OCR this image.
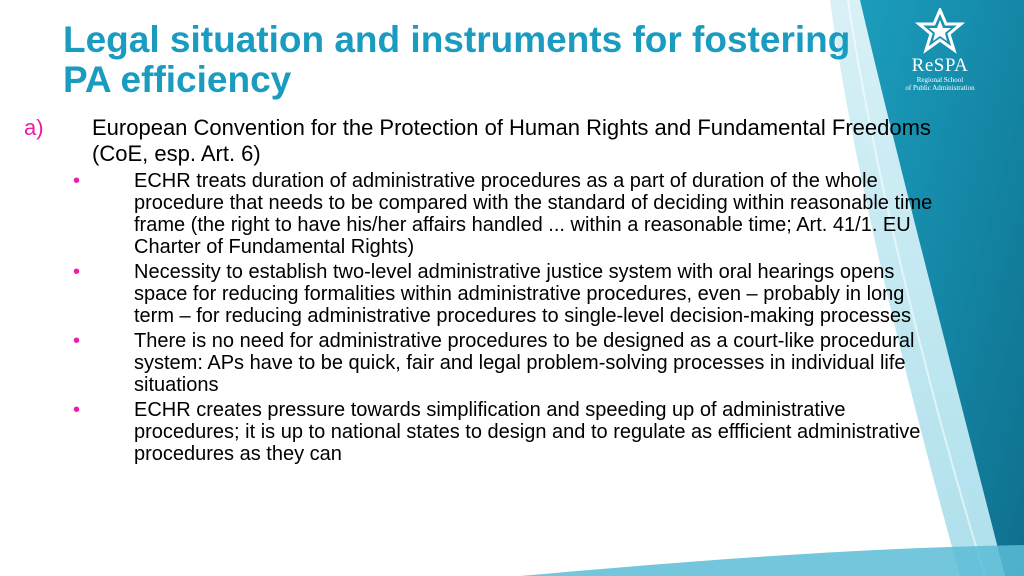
ReSPA
Regional School
of Public Administration
Legal situation and instruments for fostering PA efficiency
a) European Convention for the Protection of Human Rights and Fundamental Freedoms (CoE, esp. Art. 6)
•	ECHR treats duration of administrative procedures as a part of duration of the whole procedure that needs to be compared with the standard of deciding within reasonable time frame (the right to have his/her affairs handled ... within a reasonable time; Art. 41/1. EU Charter of Fundamental Rights)
•	Necessity to establish two-level administrative justice system with oral hearings opens space for reducing formalities within administrative procedures, even – probably in long term – for reducing administrative procedures to single-level decision-making processes
•	There is no need for administrative procedures to be designed as a court-like procedural system: APs have to be quick, fair and legal problem-solving processes in individual life situations
•	ECHR creates pressure towards simplification and speeding up of administrative procedures; it is up to national states to design and to regulate as effficient administrative procedures as they can
